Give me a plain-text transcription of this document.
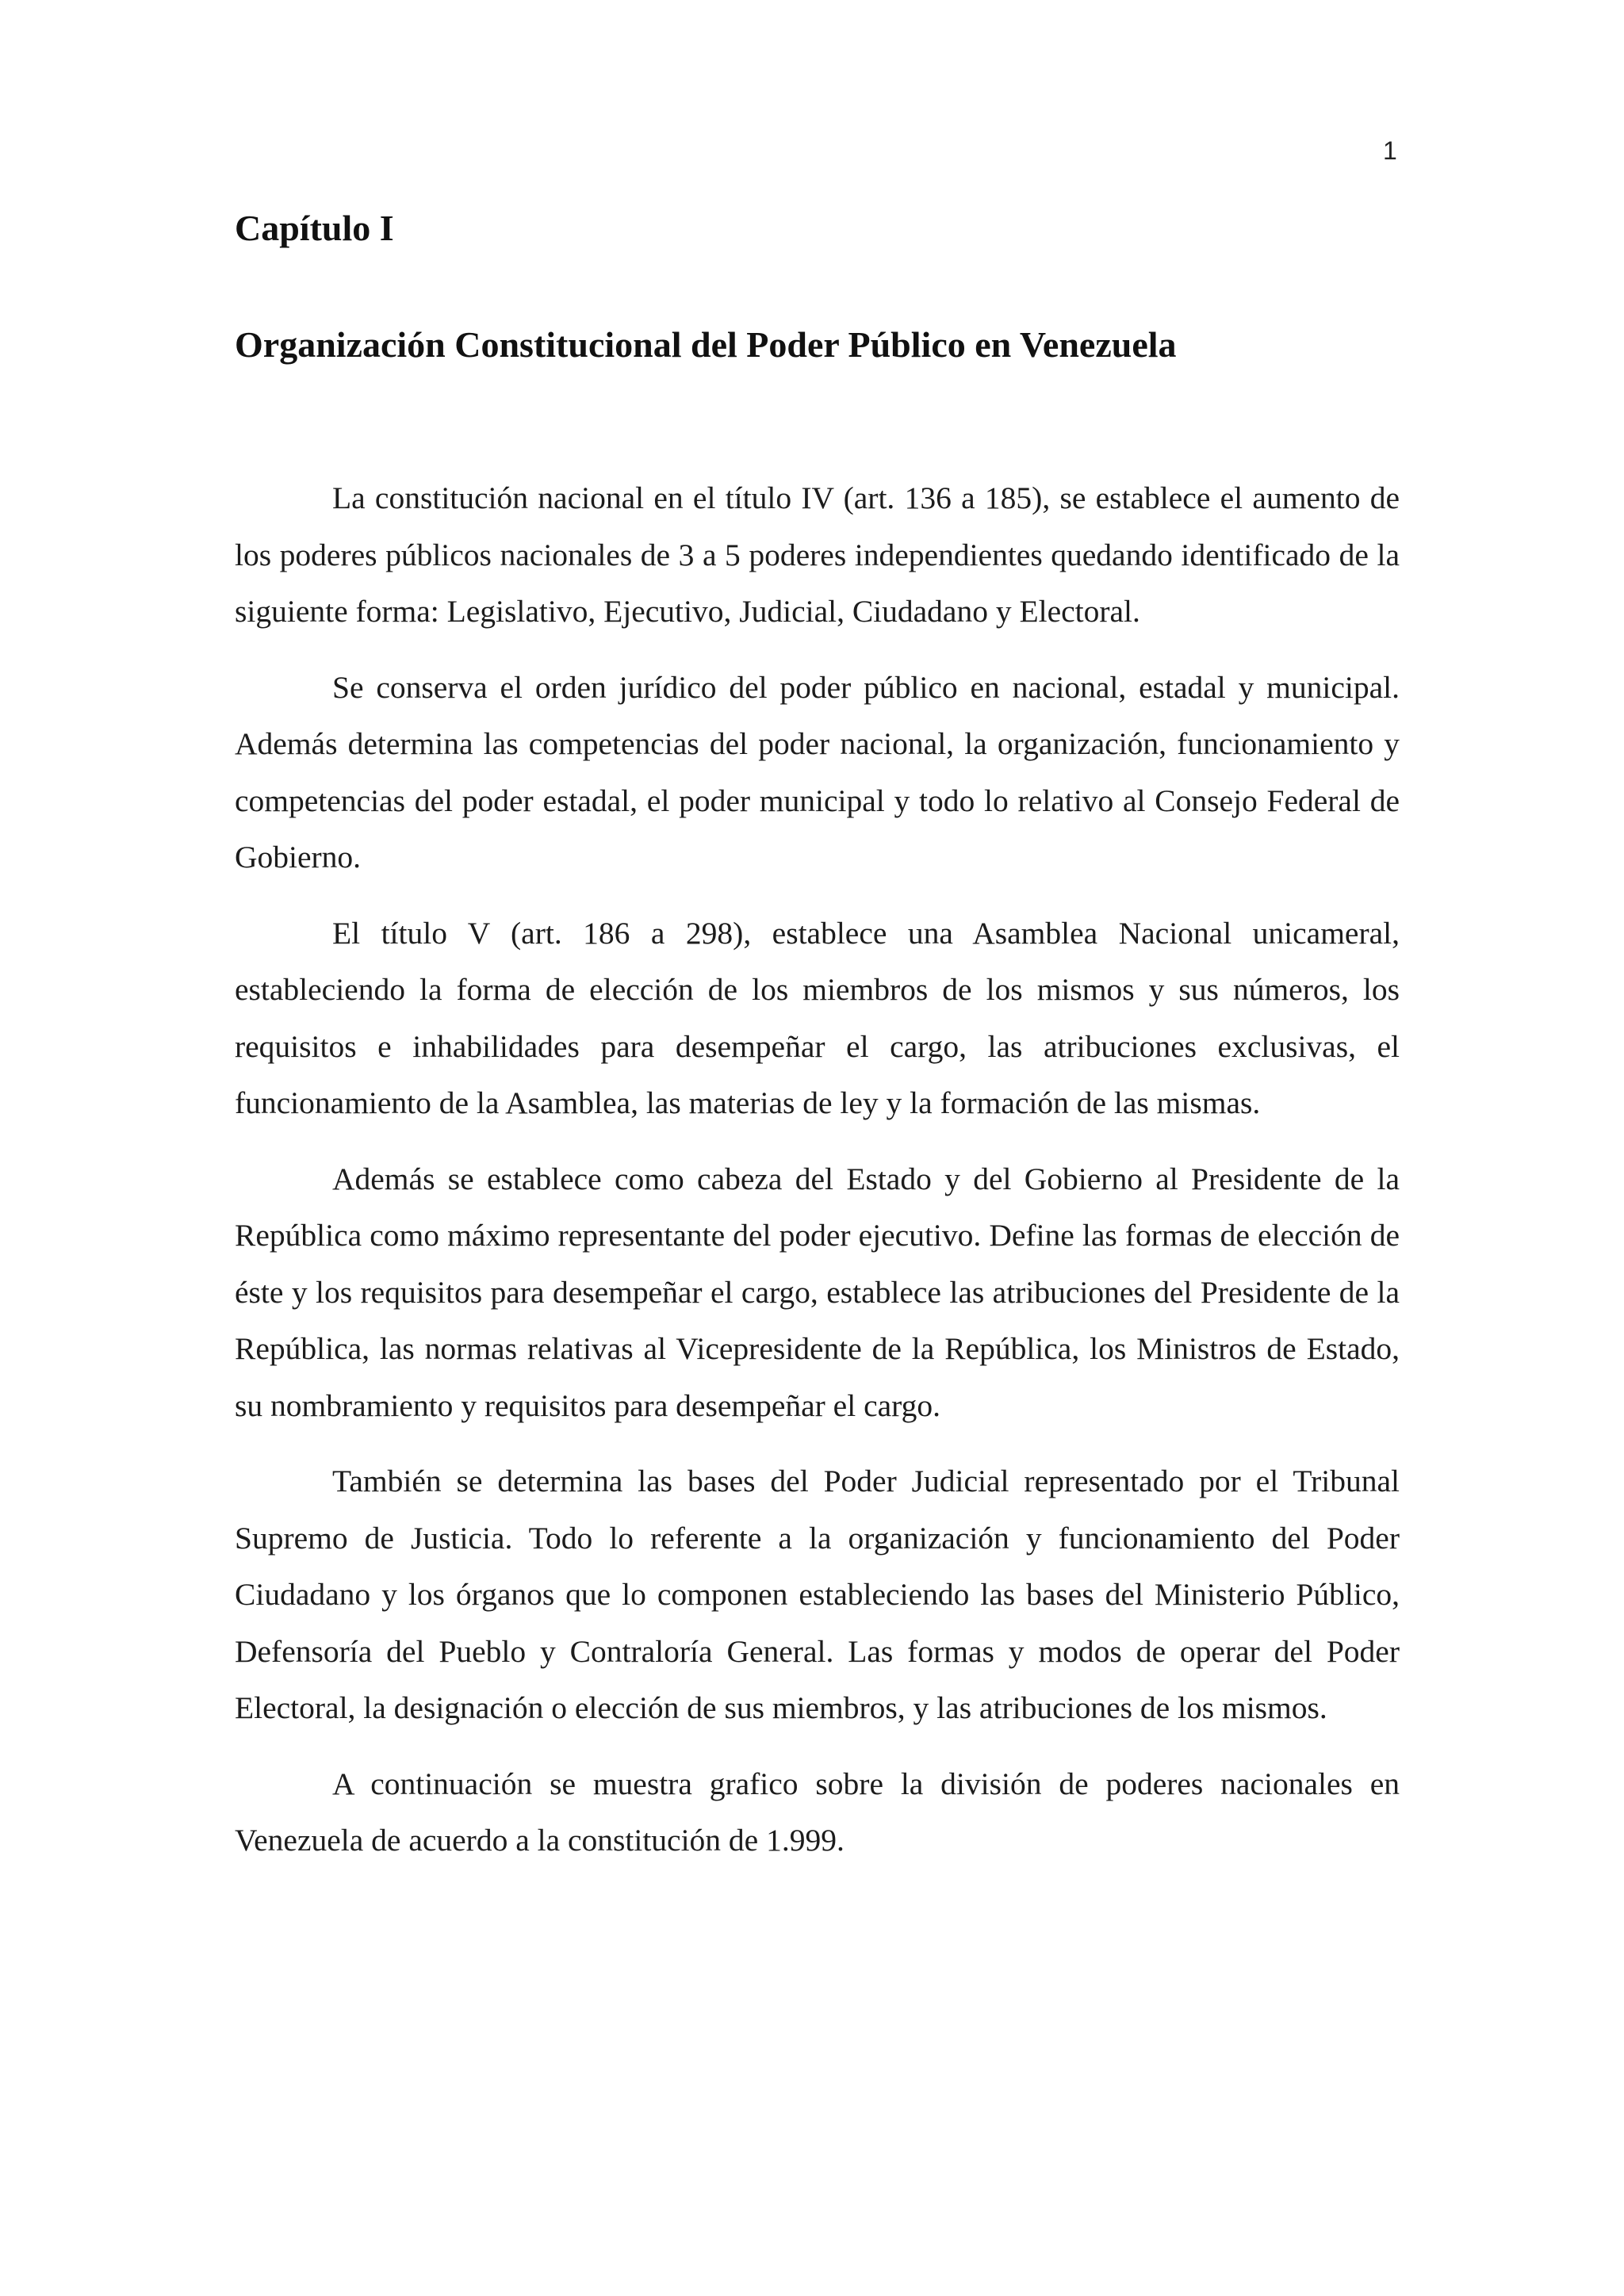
1
Capítulo I
Organización Constitucional del Poder Público en Venezuela

La constitución nacional en el título IV (art. 136 a 185), se establece el aumento de los poderes públicos nacionales de 3 a 5 poderes independientes quedando identificado de la siguiente forma: Legislativo, Ejecutivo, Judicial, Ciudadano y Electoral.

Se conserva el orden jurídico del poder público en nacional, estadal y municipal. Además determina las competencias del poder nacional, la organización, funcionamiento y competencias del poder estadal, el poder municipal y todo lo relativo al Consejo Federal de Gobierno.

El título V (art. 186 a 298), establece una Asamblea Nacional unicameral, estableciendo la forma de elección de los miembros de los mismos y sus números, los requisitos e inhabilidades para desempeñar el cargo, las atribuciones exclusivas, el funcionamiento de la Asamblea, las materias de ley y la formación de las mismas.

Además se establece como cabeza del Estado y del Gobierno al Presidente de la República como máximo representante del poder ejecutivo. Define las formas de elección de éste y los requisitos para desempeñar el cargo, establece las atribuciones del Presidente de la República, las normas relativas al Vicepresidente de la República, los Ministros de Estado, su nombramiento y requisitos para desempeñar el cargo.

También se determina las bases del Poder Judicial representado por el Tribunal Supremo de Justicia. Todo lo referente a la organización y funcionamiento del Poder Ciudadano y los órganos que lo componen estableciendo las bases del Ministerio Público, Defensoría del Pueblo y Contraloría General. Las formas y modos de operar del Poder Electoral, la designación o elección de sus miembros, y las atribuciones de los mismos.

A continuación se muestra grafico sobre la división de poderes nacionales en Venezuela de acuerdo a la constitución de 1.999.
